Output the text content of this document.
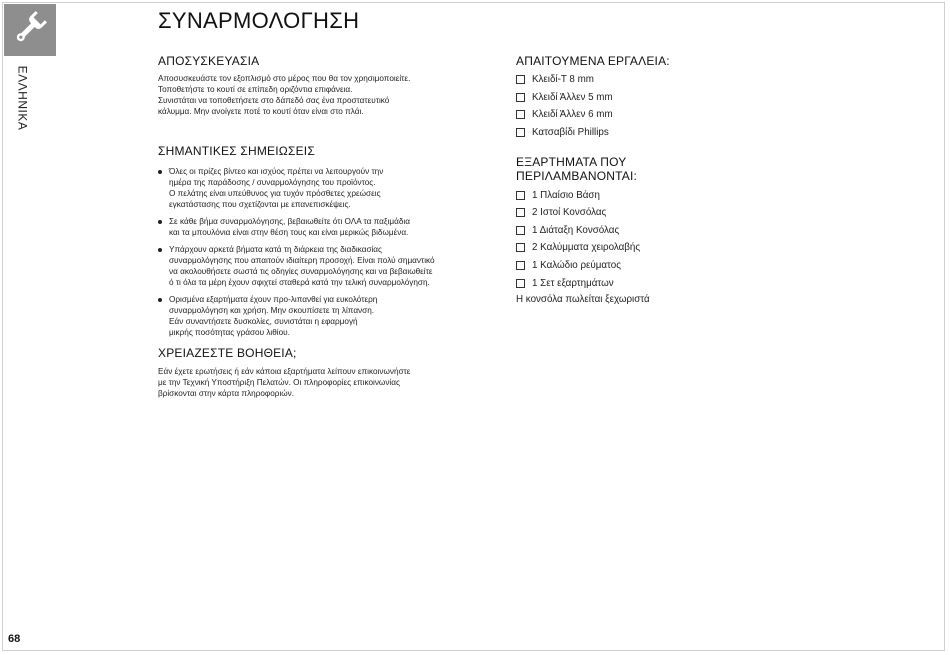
ΕΛΛΗΝΙΚΑ
ΣΥΝΑΡΜΟΛΟΓΗΣΗ
ΑΠΟΣΥΣΚΕΥΑΣΙΑ

Αποσυσκευάστε τον εξοπλισμό στο μέρος που θα τον χρησιμοποιείτε.
Τοποθετήστε το κουτί σε επίπεδη οριζόντια επιφάνεια.
Συνιστάται να τοποθετήσετε στο δάπεδό σας ένα προστατευτικό
κάλυμμα. Μην ανοίγετε ποτέ το κουτί όταν είναι στο πλάι.

ΣΗΜΑΝΤΙΚΕΣ ΣΗΜΕΙΩΣΕΙΣ
Όλες οι πρίζες βίντεο και ισχύος πρέπει να λειτουργούν την
ημέρα της παράδοσης / συναρμολόγησης του προϊόντος.
Ο πελάτης είναι υπεύθυνος για τυχόν πρόσθετες χρεώσεις
εγκατάστασης που σχετίζονται με επανεπισκέψεις.
Σε κάθε βήμα συναρμολόγησης, βεβαιωθείτε ότι ΟΛΑ τα παξιμάδια
και τα μπουλόνια είναι στην θέση τους και είναι μερικώς βιδωμένα.
Υπάρχουν αρκετά βήματα κατά τη διάρκεια της διαδικασίας
συναρμολόγησης που απαιτούν ιδιαίτερη προσοχή. Είναι πολύ σημαντικό
να ακολουθήσετε σωστά τις οδηγίες συναρμολόγησης και να βεβαιωθείτε
ό τι όλα τα μέρη έχουν σφιχτεί σταθερά κατά την τελική συναρμολόγηση.
Ορισμένα εξαρτήματα έχουν προ-λιπανθεί για ευκολότερη
συναρμολόγηση και χρήση. Μην σκουπίσετε τη λίπανση.
Εάν συναντήσετε δυσκολίες, συνιστάται η εφαρμογή
μικρής ποσότητας γράσου λιθίου.
ΧΡΕΙΑΖΕΣΤΕ ΒΟΗΘΕΙΑ;

Εάν έχετε ερωτήσεις ή εάν κάποια εξαρτήματα λείπουν επικοινωνήστε
με την Τεχνική Υποστήριξη Πελατών. Οι πληροφορίες επικοινωνίας
βρίσκονται στην κάρτα πληροφοριών.

ΑΠΑΙΤΟΥΜΕΝΑ ΕΡΓΑΛΕΙΑ:
Κλειδί-Τ 8 mm
Κλειδί Άλλεν 5 mm
Κλειδί Άλλεν 6 mm
Κατσαβίδι Phillips
ΕΞΑΡΤΗΜΑΤΑ ΠΟΥ
ΠΕΡΙΛΑΜΒΑΝΟΝΤΑΙ:
1 Πλαίσιο Βάση
2 Ιστοί Κονσόλας
1 Διάταξη Κονσόλας
2 Καλύμματα χειρολαβής
1 Καλώδιο ρεύματος
1 Σετ εξαρτημάτων
Η κονσόλα πωλείται ξεχωριστά
68
